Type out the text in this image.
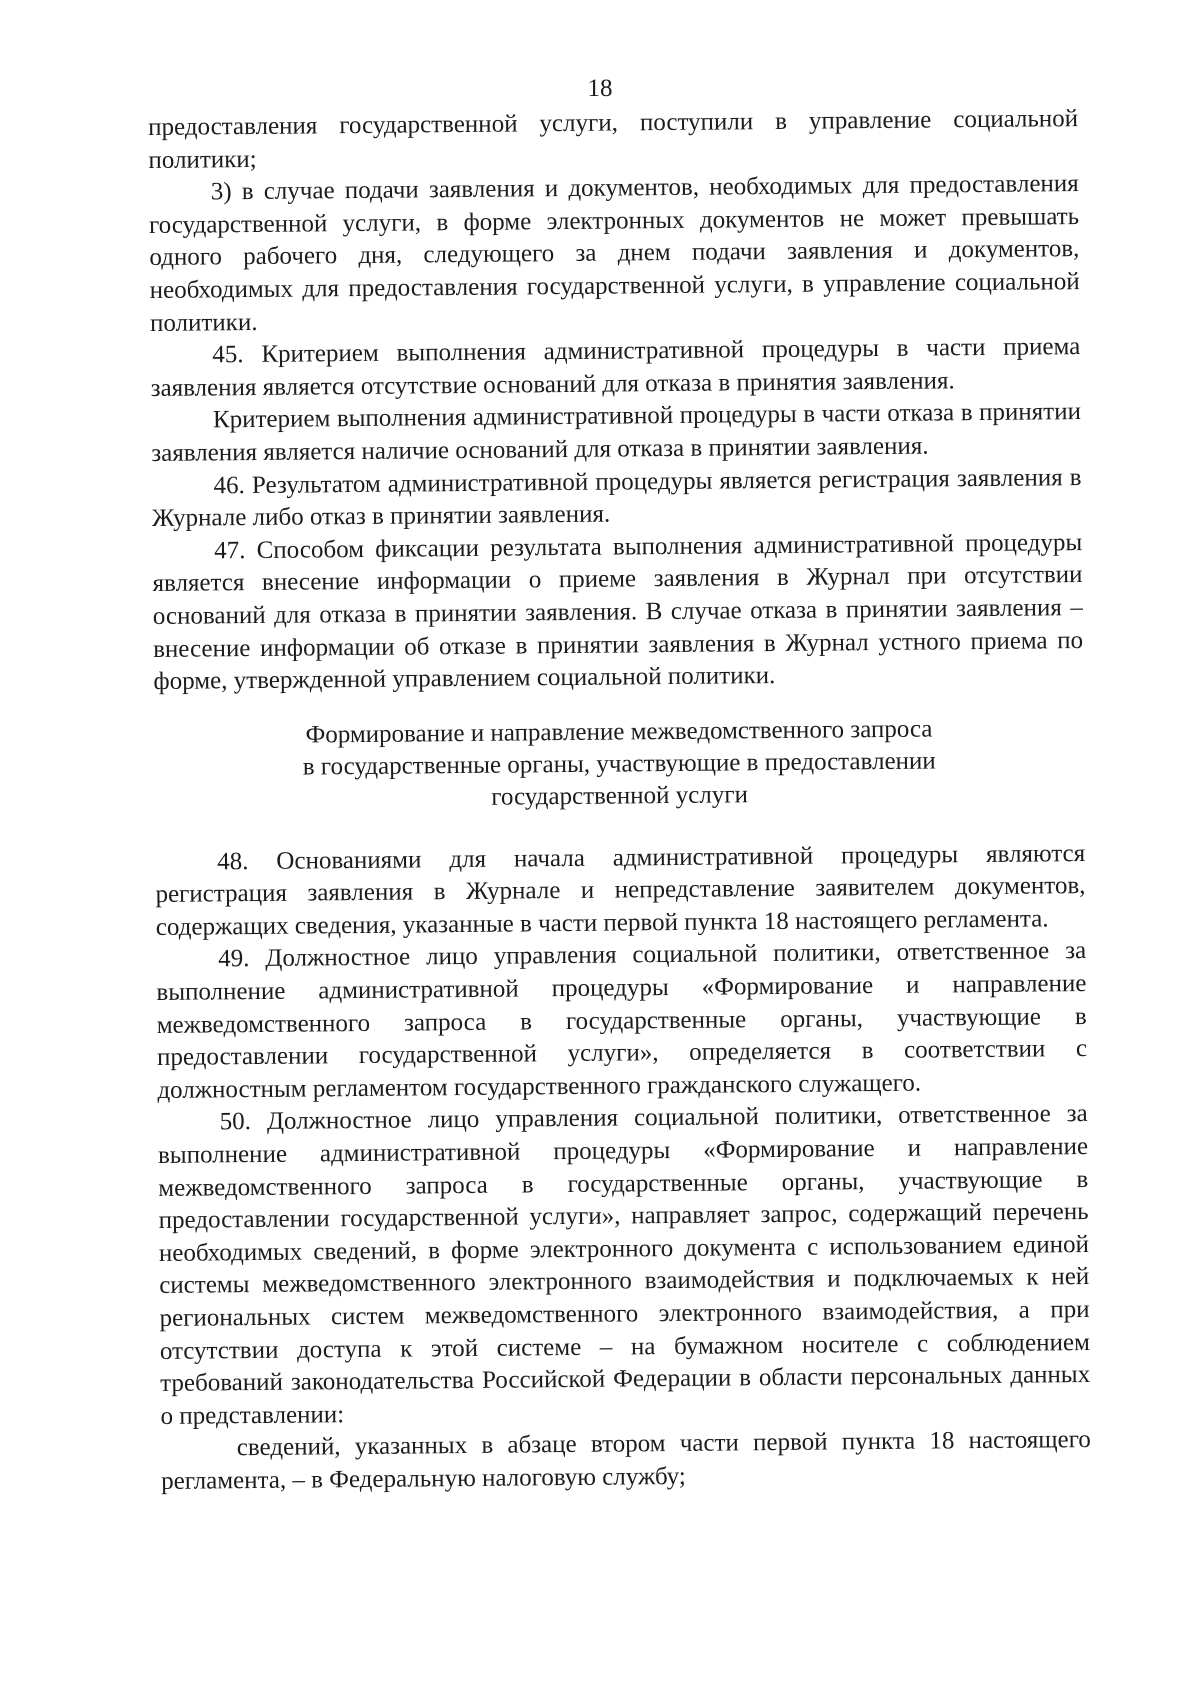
18

предоставления государственной услуги, поступили в управление социальной политики;

3) в случае подачи заявления и документов, необходимых для предоставления государственной услуги, в форме электронных документов не может превышать одного рабочего дня, следующего за днем подачи заявления и документов, необходимых для предоставления государственной услуги, в управление социальной политики.

45. Критерием выполнения административной процедуры в части приема заявления является отсутствие оснований для отказа в принятия заявления.

Критерием выполнения административной процедуры в части отказа в принятии заявления является наличие оснований для отказа в принятии заявления.

46. Результатом административной процедуры является регистрация заявления в Журнале либо отказ в принятии заявления.

47. Способом фиксации результата выполнения административной процедуры является внесение информации о приеме заявления в Журнал при отсутствии оснований для отказа в принятии заявления. В случае отказа в принятии заявления – внесение информации об отказе в принятии заявления в Журнал устного приема по форме, утвержденной управлением социальной политики.

Формирование и направление межведомственного запроса
в государственные органы, участвующие в предоставлении
государственной услуги

48. Основаниями для начала административной процедуры являются регистрация заявления в Журнале и непредставление заявителем документов, содержащих сведения, указанные в части первой пункта 18 настоящего регламента.

49. Должностное лицо управления социальной политики, ответственное за выполнение административной процедуры «Формирование и направление межведомственного запроса в государственные органы, участвующие в предоставлении государственной услуги», определяется в соответствии с должностным регламентом государственного гражданского служащего.

50. Должностное лицо управления социальной политики, ответственное за выполнение административной процедуры «Формирование и направление межведомственного запроса в государственные органы, участвующие в предоставлении государственной услуги», направляет запрос, содержащий перечень необходимых сведений, в форме электронного документа с использованием единой системы межведомственного электронного взаимодействия и подключаемых к ней региональных систем межведомственного электронного взаимодействия, а при отсутствии доступа к этой системе – на бумажном носителе с соблюдением требований законодательства Российской Федерации в области персональных данных о представлении:

сведений, указанных в абзаце втором части первой пункта 18 настоящего регламента, – в Федеральную налоговую службу;
